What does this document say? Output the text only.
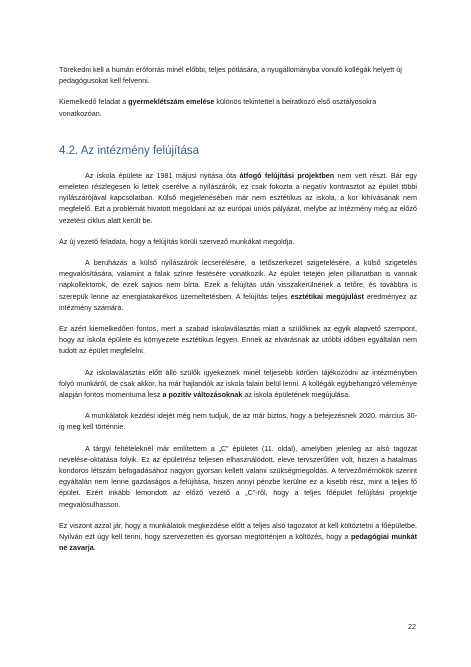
Törekedni kell a humán erőforrás minél előbbi, teljes pótlására, a nyugállományba vonuló kollégák helyett új pedagógusokat kell felvenni.

Kiemelkedő feladat a gyermeklétszám emelése különös tekintettel a beiratkozó első osztályosokra vonatkozóan.

4.2. Az intézmény felújítása

Az iskola épülete az 1981 májusi nyitása óta átfogó felújítási projektben nem vett részt. Bár egy emeleten részlegesen ki lettek cserélve a nyílászárók, ez csak fokozta a negatív kontrasztot az épület többi nyílászárójával kapcsolatban. Külső megjelenésében már nem esztétikus az iskola, a kor kihívásának nem megfelelő. Ezt a problémát hivatott megoldani az az európai uniós pályázat, melybe az intézmény még az előző vezetési ciklus alatt került be.

Az új vezető feladata, hogy a felújítás körüli szervező munkákat megoldja.

A beruházás a külső nyílászárók lecserélésére, a tetőszerkezet szigetelésére, a külső szigetelés megvalósítására, valamint a falak színre festésére vonatkozik. Az épület tetején jelen pillanatban is vannak napkollektorok, de ezek sajnos nem bírta. Ezek a felújítás után visszakerülnének a tetőre, és továbbra is szerepük lenne az energiatakarékos üzemeltetésben. A felújítás teljes esztétikai megújulást eredményez az intézmény számára.

Ez azért kiemelkedően fontos, mert a szabad iskolaválasztás miatt a szülőknek az egyik alapvető szempont, hogy az iskola épülete és környezete esztétikus legyen. Ennek az elvárásnak az utóbbi időben egyáltalán nem tudott az épület megfelelni.

Az iskolaválasztás előtt álló szülők igyekeznek minél teljesebb körűen tájékozódni az intézményben folyó munkáról, de csak akkor, ha már hajlandók az iskola falain belül lenni. A kollégák egybehangzó véleménye alapján fontos momentuma lesz a pozitív változásoknak az iskola épületének megújulása.

A munkálatok kezdési idejét még nem tudjuk, de az már biztos, hogy a befejezésnek 2020. március 30-ig meg kell történnie.

A tárgyi feltételeknél már említettem a „C” épületet (11. oldal), amelyben jelenleg az alsó tagozat nevelése-oktatása folyik. Ez az épületrész teljesen elhasználódott, eleve tervszerűtlen volt, hiszen a hatalmas kondoros létszám befogadásához nagyon gyorsan kellett valami szükségmegoldás. A tervezőmérnökök szerint egyáltalán nem lenne gazdaságos a felújítása, hiszen annyi pénzbe kerülne ez a kisebb rész, mint a teljes fő épület. Ezért inkább lemondott az előző vezető a „C”-ről, hogy a teljes főépület felújítási projektje megvalósulhasson.

Ez viszont azzal jár, hogy a munkálatok megkezdése előtt a teljes alsó tagozatot át kell költöztetni a főépületbe. Nyilván ezt úgy kell tenni, hogy szervezetten és gyorsan megtörténjen a költözés, hogy a pedagógiai munkát ne zavarja.

22
